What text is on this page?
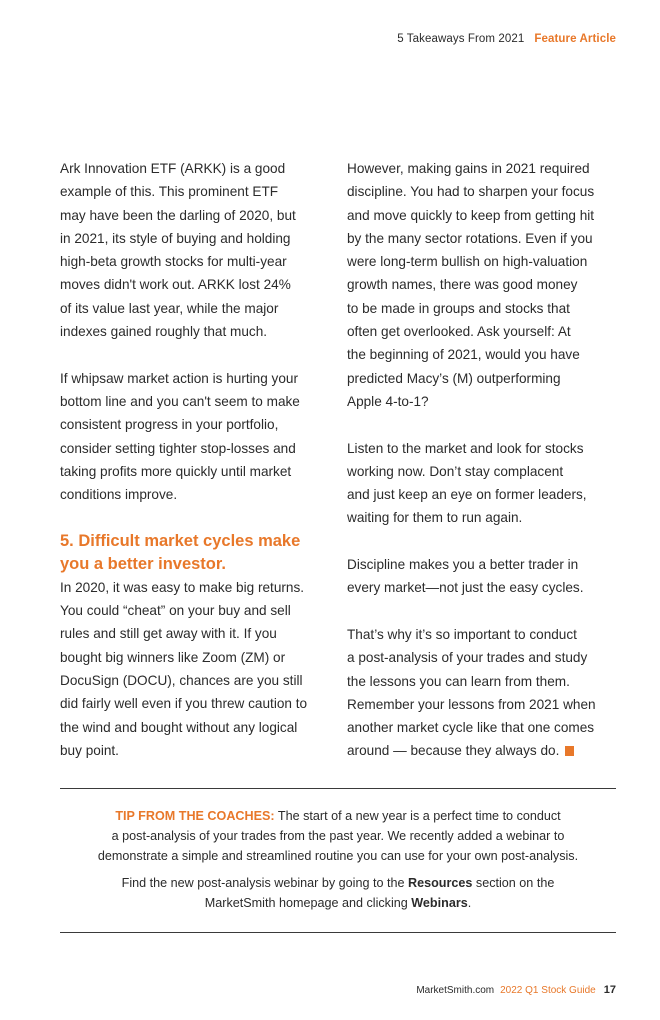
5 Takeaways From 2021 Feature Article

Ark Innovation ETF (ARKK) is a good
example of this. This prominent ETF
may have been the darling of 2020, but
in 2021, its style of buying and holding
high-beta growth stocks for multi-year
moves didn't work out. ARKK lost 24%
of its value last year, while the major
indexes gained roughly that much.

If whipsaw market action is hurting your
bottom line and you can't seem to make
consistent progress in your portfolio,
consider setting tighter stop-losses and
taking profits more quickly until market
conditions improve.

5. Difficult market cycles make
you a better investor.

In 2020, it was easy to make big returns.
You could “cheat” on your buy and sell
rules and still get away with it. If you
bought big winners like Zoom (ZM) or
DocuSign (DOCU), chances are you still
did fairly well even if you threw caution to
the wind and bought without any logical
buy point.

However, making gains in 2021 required
discipline. You had to sharpen your focus
and move quickly to keep from getting hit
by the many sector rotations. Even if you
were long-term bullish on high-valuation
growth names, there was good money
to be made in groups and stocks that
often get overlooked. Ask yourself: At
the beginning of 2021, would you have
predicted Macy’s (M) outperforming
Apple 4-to-1?

Listen to the market and look for stocks
working now. Don’t stay complacent
and just keep an eye on former leaders,
waiting for them to run again.

Discipline makes you a better trader in
every market—not just the easy cycles.

That’s why it’s so important to conduct
a post-analysis of your trades and study
the lessons you can learn from them.
Remember your lessons from 2021 when
another market cycle like that one comes
around — because they always do.

TIP FROM THE COACHES: The start of a new year is a perfect time to conduct
a post-analysis of your trades from the past year. We recently added a webinar to
demonstrate a simple and streamlined routine you can use for your own post-analysis.

Find the new post-analysis webinar by going to the Resources section on the
MarketSmith homepage and clicking Webinars.

MarketSmith.com 2022 Q1 Stock Guide 17
